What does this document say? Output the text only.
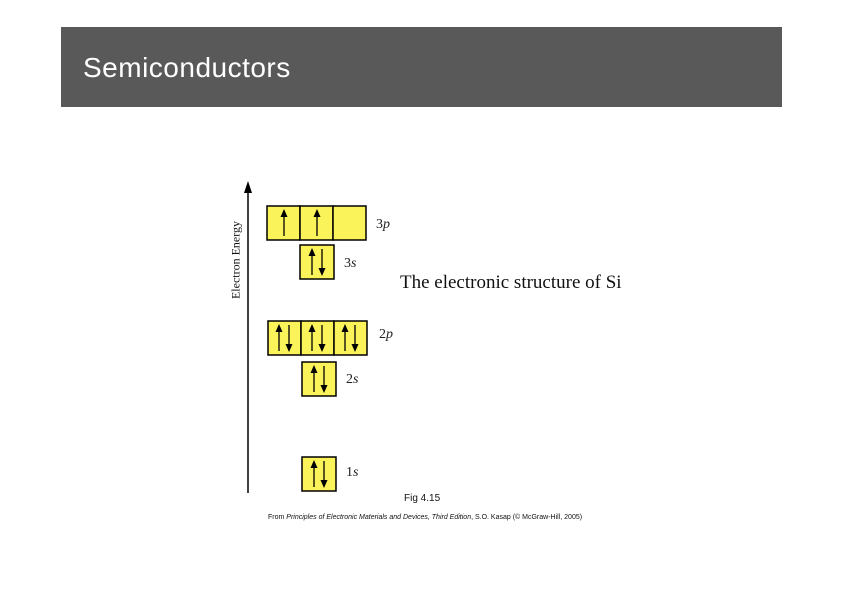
Semiconductors
Electron Energy	3p
3s
2p
2s
1s
The electronic structure of Si
Fig 4.15
From Principles of Electronic Materials and Devices, Third Edition, S.O. Kasap (© McGraw-Hill, 2005)
